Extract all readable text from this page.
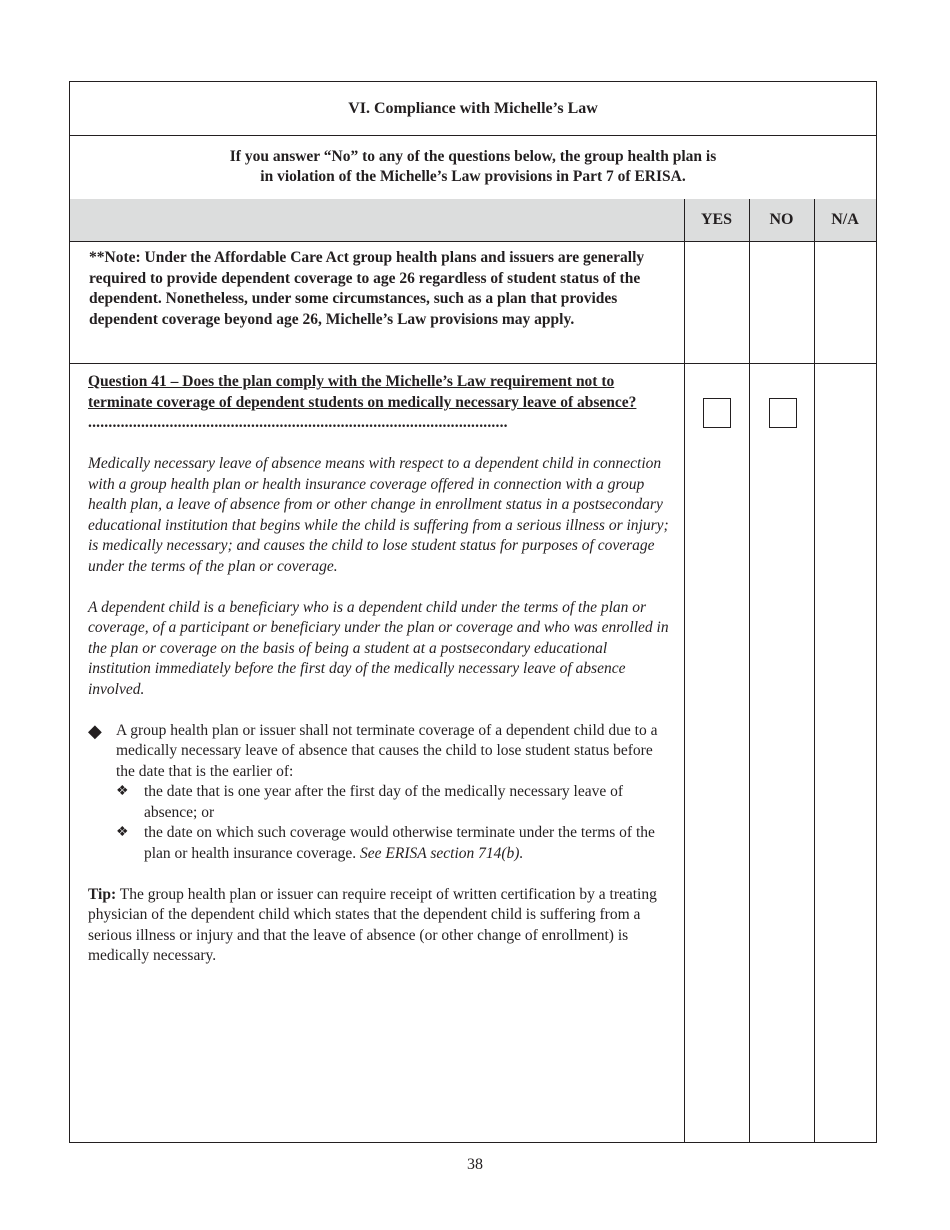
VI. Compliance with Michelle’s Law
If you answer “No” to any of the questions below, the group health plan is
in violation of the Michelle’s Law provisions in Part 7 of ERISA.
YES	NO	N/A
**Note: Under the Affordable Care Act group health plans and issuers are generally required to provide dependent coverage to age 26 regardless of student status of the dependent. Nonetheless, under some circumstances, such as a plan that provides dependent coverage beyond age 26, Michelle’s Law provisions may apply.
Question 41 – Does the plan comply with the Michelle’s Law requirement not to terminate coverage of dependent students on medically necessary leave of absence? .......................................................................................................
Medically necessary leave of absence means with respect to a dependent child in connection with a group health plan or health insurance coverage offered in connection with a group health plan, a leave of absence from or other change in enrollment status in a postsecondary educational institution that begins while the child is suffering from a serious illness or injury; is medically necessary; and causes the child to lose student status for purposes of coverage under the terms of the plan or coverage.
A dependent child is a beneficiary who is a dependent child under the terms of the plan or coverage, of a participant or beneficiary under the plan or coverage and who was enrolled in the plan or coverage on the basis of being a student at a postsecondary educational institution immediately before the first day of the medically necessary leave of absence involved.
◆ A group health plan or issuer shall not terminate coverage of a dependent child due to a medically necessary leave of absence that causes the child to lose student status before the date that is the earlier of:
❖ the date that is one year after the first day of the medically necessary leave of absence; or
❖ the date on which such coverage would otherwise terminate under the terms of the plan or health insurance coverage. See ERISA section 714(b).
Tip: The group health plan or issuer can require receipt of written certification by a treating physician of the dependent child which states that the dependent child is suffering from a serious illness or injury and that the leave of absence (or other change of enrollment) is medically necessary.
38
